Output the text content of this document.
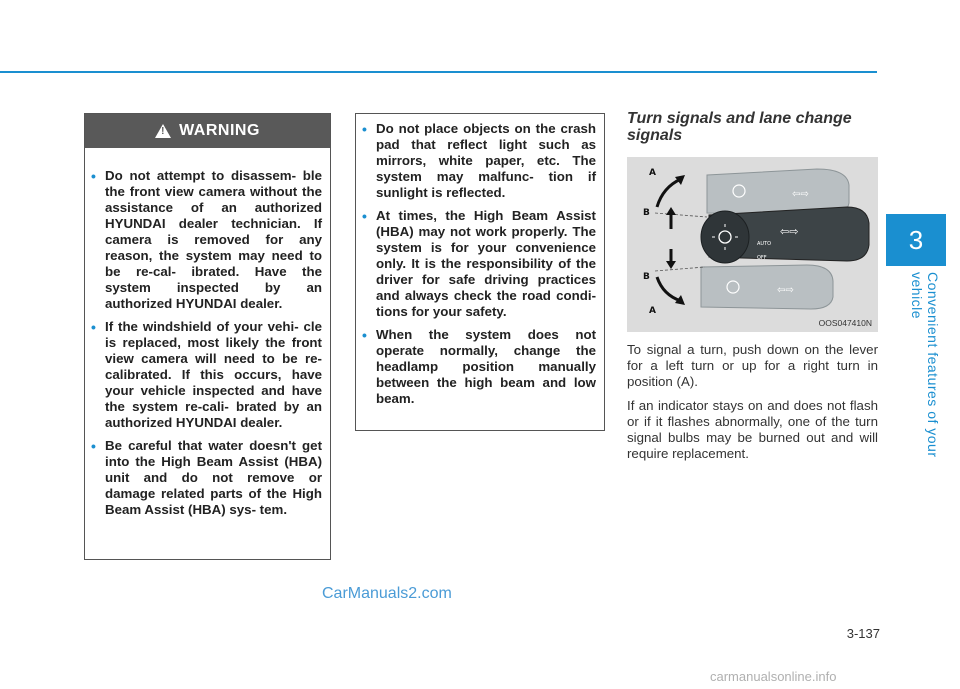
3
Convenient features of your vehicle
! WARNING
• Do not attempt to disassem- ble the front view camera without the assistance of an authorized HYUNDAI dealer technician. If camera is removed for any reason, the system may need to be re-cal- ibrated. Have the system inspected by an authorized HYUNDAI dealer.
• If the windshield of your vehi- cle is replaced, most likely the front view camera will need to be re-calibrated. If this occurs, have your vehicle inspected and have the system re-cali- brated by an authorized HYUNDAI dealer.
• Be careful that water doesn't get into the High Beam Assist (HBA) unit and do not remove or damage related parts of the High Beam Assist (HBA) sys- tem.
• Do not place objects on the crash pad that reflect light such as mirrors, white paper, etc. The system may malfunc- tion if sunlight is reflected.
• At times, the High Beam Assist (HBA) may not work properly. The system is for your convenience only. It is the responsibility of the driver for safe driving practices and always check the road condi- tions for your safety.
• When the system does not operate normally, change the headlamp position manually between the high beam and low beam.
Turn signals and lane change signals
⇦⇨
⇦⇨
⇦⇨
AUTO
OFF
A
B
B
A
OOS047410N

To signal a turn, push down on the lever for a left turn or up for a right turn in position (A).

If an indicator stays on and does not flash or if it flashes abnormally, one of the turn signal bulbs may be burned out and will require replacement.

3-137
CarManuals2.com
carmanualsonline.info
